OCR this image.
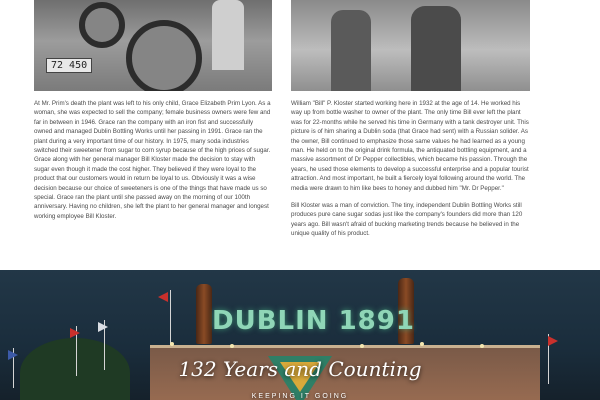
72 450

At Mr. Prim's death the plant was left to his only child, Grace Elizabeth Prim Lyon. As a woman, she was expected to sell the company; female business owners were few and far in between in 1946. Grace ran the company with an iron fist and successfully owned and managed Dublin Bottling Works until her passing in 1991. Grace ran the plant during a very important time of our history. In 1975, many soda industries switched their sweetener from sugar to corn syrup because of the high prices of sugar. Grace along with her general manager Bill Kloster made the decision to stay with sugar even though it made the cost higher. They believed if they were loyal to the product that our customers would in return be loyal to us. Obviously it was a wise decision because our choice of sweeteners is one of the things that have made us so special. Grace ran the plant until she passed away on the morning of our 100th anniversary. Having no children, she left the plant to her general manager and longest working employee Bill Kloster.

William "Bill" P. Kloster started working here in 1932 at the age of 14. He worked his way up from bottle washer to owner of the plant. The only time Bill ever left the plant was for 22-months while he served his time in Germany with a tank destroyer unit. This picture is of him sharing a Dublin soda (that Grace had sent) with a Russian solider. As the owner, Bill continued to emphasize those same values he had learned as a young man. He held on to the original drink formula, the antiquated bottling equipment, and a massive assortment of Dr Pepper collectibles, which became his passion. Through the years, he used those elements to develop a successful enterprise and a popular tourist attraction. And most important, he built a fiercely loyal following around the world. The media were drawn to him like bees to honey and dubbed him "Mr. Dr Pepper."

Bill Kloster was a man of conviction. The tiny, independent Dublin Bottling Works still produces pure cane sugar sodas just like the company's founders did more than 120 years ago. Bill wasn't afraid of bucking marketing trends because he believed in the unique quality of his product.

DUBLIN 1891
132 Years and Counting
KEEPING IT GOING
